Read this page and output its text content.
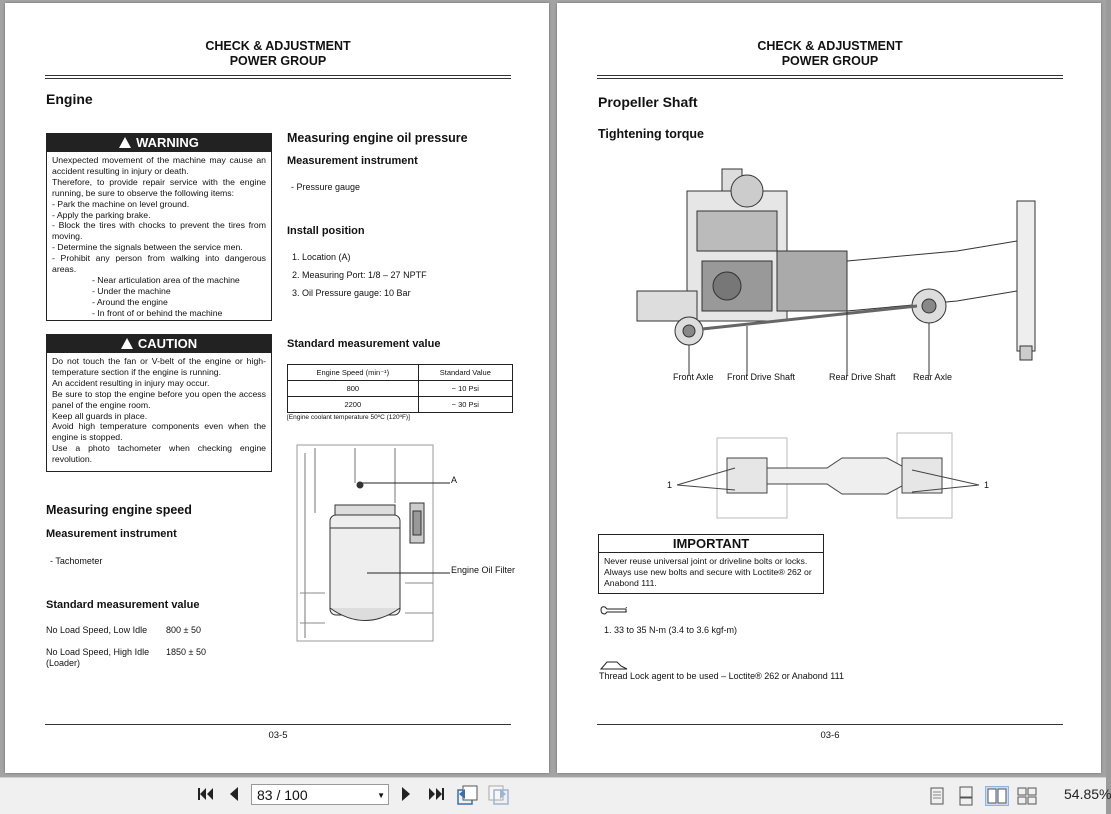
CHECK & ADJUSTMENT
POWER GROUP
Engine
WARNING
Unexpected movement of the machine may cause an accident resulting in injury or death.
Therefore, to provide repair service with the engine running, be sure to observe the following items:
- Park the machine on level ground.
- Apply the parking brake.
- Block the tires with chocks to prevent the tires from moving.
- Determine the signals between the service men.
- Prohibit any person from walking into dangerous areas.
- Near articulation area of the machine
- Under the machine
- Around the engine
- In front of or behind the machine
CAUTION
Do not touch the fan or V-belt of the engine or high-temperature section if the engine is running.
An accident resulting in injury may occur.
Be sure to stop the engine before you open the access panel of the engine room.
Keep all guards in place.
Avoid high temperature components even when the engine is stopped.
Use a photo tachometer when checking engine revolution.
Measuring engine speed
Measurement instrument
- Tachometer
Standard measurement value
No Load Speed, Low Idle 800 ± 50
No Load Speed, High Idle (Loader)
1850 ± 50
Measuring engine oil pressure
Measurement instrument
- Pressure gauge
Install position
1. Location (A)
2. Measuring Port: 1/8 – 27 NPTF
3. Oil Pressure gauge: 10 Bar
Standard measurement value
Engine Speed (min⁻¹)	Standard Value
800	− 10 Psi
2200	− 30 Psi
[Engine coolant temperature 50ºC (120ºF)]
A
Engine Oil Filter
03-5
CHECK & ADJUSTMENT
POWER GROUP
Propeller Shaft
Tightening torque
Front Axle Front Drive Shaft	Rear Drive Shaft Rear Axle
1	1
IMPORTANT
Never reuse universal joint or driveline bolts or locks. Always use new bolts and secure with Loctite® 262 or Anabond 111.
:
1. 33 to 35 N-m (3.4 to 3.6 kgf-m)
Thread Lock agent to be used – Loctite® 262 or Anabond 111
03-6
83 / 100	▼	54.85%
